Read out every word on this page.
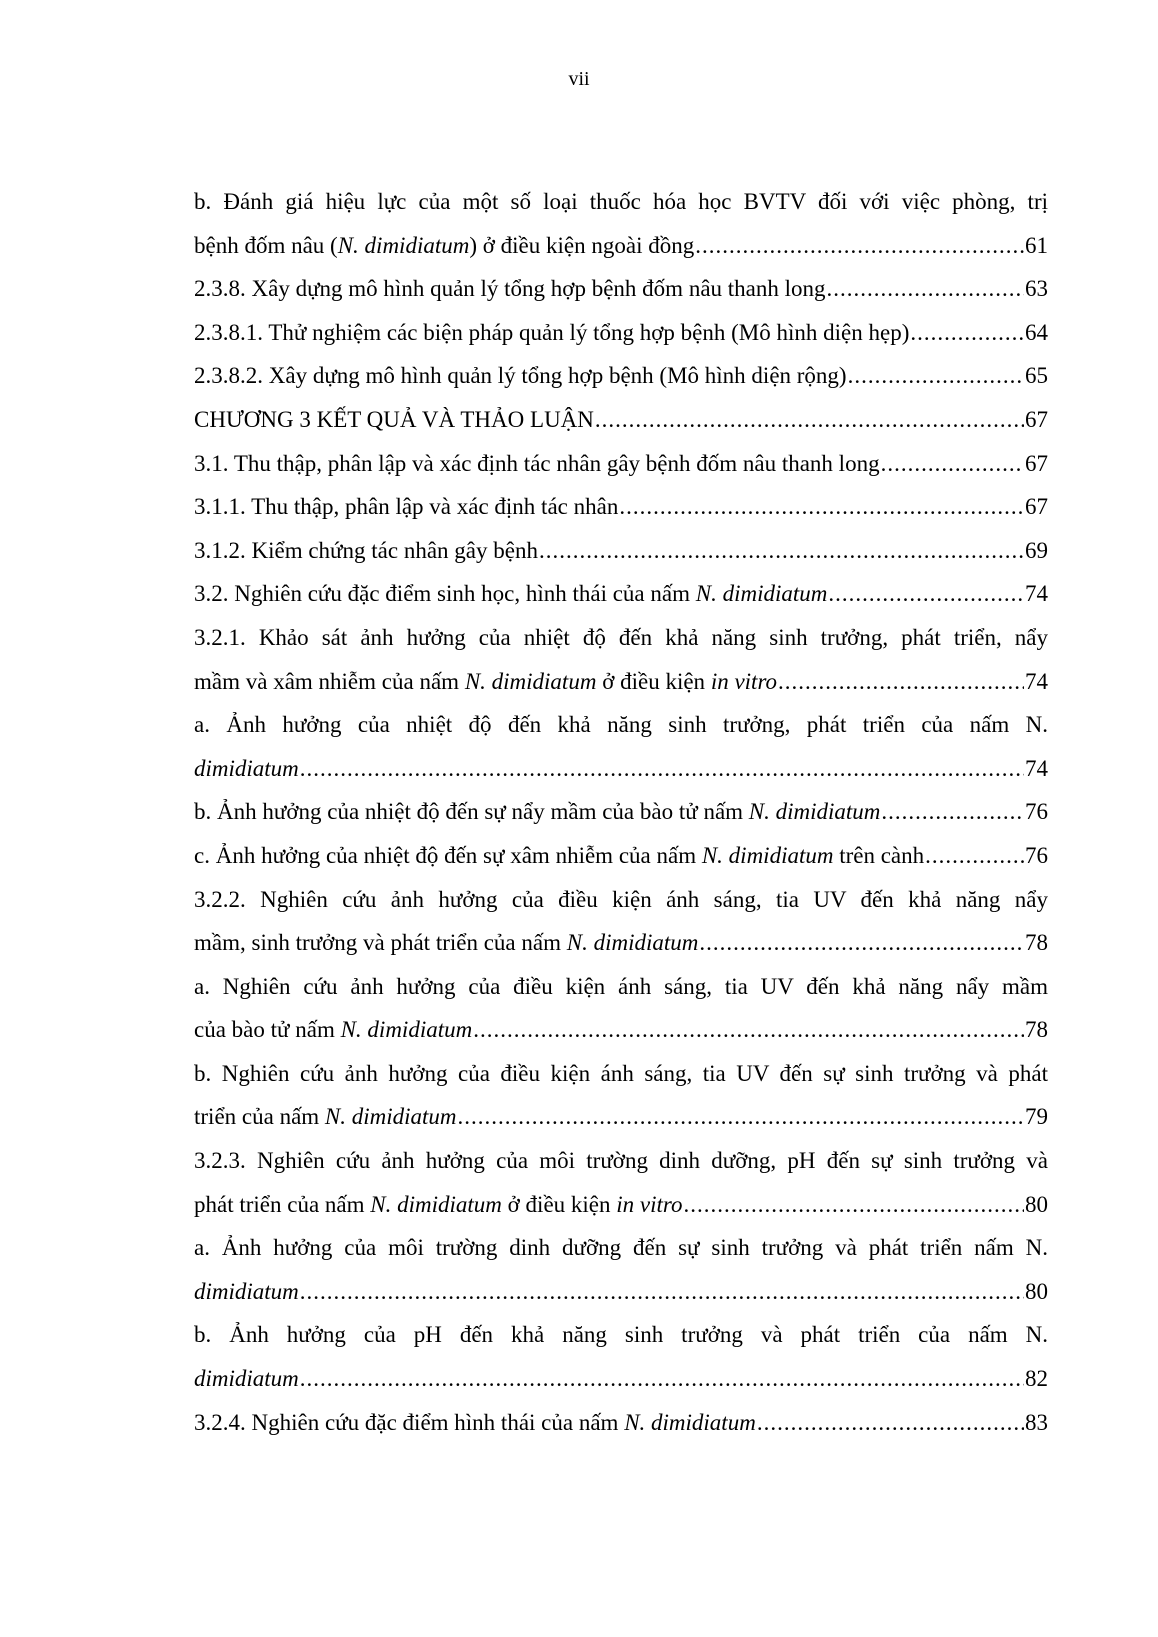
vii
b. Đánh giá hiệu lực của một số loại thuốc hóa học BVTV đối với việc phòng, trị
bệnh đốm nâu (N. dimidiatum) ở điều kiện ngoài đồng .....	61
2.3.8. Xây dựng mô hình quản lý tổng hợp bệnh đốm nâu thanh long .....	63
2.3.8.1. Thử nghiệm các biện pháp quản lý tổng hợp bệnh (Mô hình diện hẹp) .....	64
2.3.8.2. Xây dựng mô hình quản lý tổng hợp bệnh (Mô hình diện rộng) .....	65
CHƯƠNG 3 KẾT QUẢ VÀ THẢO LUẬN .....	67
3.1. Thu thập, phân lập và xác định tác nhân gây bệnh đốm nâu thanh long .....	67
3.1.1. Thu thập, phân lập và xác định tác nhân .....	67
3.1.2. Kiểm chứng tác nhân gây bệnh .....	69
3.2. Nghiên cứu đặc điểm sinh học, hình thái của nấm N. dimidiatum .....	74
3.2.1. Khảo sát ảnh hưởng của nhiệt độ đến khả năng sinh trưởng, phát triển, nẩy
mầm và xâm nhiễm của nấm N. dimidiatum ở điều kiện in vitro .....	74
a. Ảnh hưởng của nhiệt độ đến khả năng sinh trưởng, phát triển của nấm N.
dimidiatum .....	74
b. Ảnh hưởng của nhiệt độ đến sự nẩy mầm của bào tử nấm N. dimidiatum .....	76
c. Ảnh hưởng của nhiệt độ đến sự xâm nhiễm của nấm N. dimidiatum trên cành .....	76
3.2.2. Nghiên cứu ảnh hưởng của điều kiện ánh sáng, tia UV đến khả năng nẩy
mầm, sinh trưởng và phát triển của nấm N. dimidiatum .....	78
a. Nghiên cứu ảnh hưởng của điều kiện ánh sáng, tia UV đến khả năng nẩy mầm
của bào tử nấm N. dimidiatum .....	78
b. Nghiên cứu ảnh hưởng của điều kiện ánh sáng, tia UV đến sự sinh trưởng và phát
triển của nấm N. dimidiatum .....	79
3.2.3. Nghiên cứu ảnh hưởng của môi trường dinh dưỡng, pH đến sự sinh trưởng và
phát triển của nấm N. dimidiatum ở điều kiện in vitro .....	80
a. Ảnh hưởng của môi trường dinh dưỡng đến sự sinh trưởng và phát triển nấm N.
dimidiatum .....	80
b. Ảnh hưởng của pH đến khả năng sinh trưởng và phát triển của nấm N.
dimidiatum .....	82
3.2.4. Nghiên cứu đặc điểm hình thái của nấm N. dimidiatum .....	83
